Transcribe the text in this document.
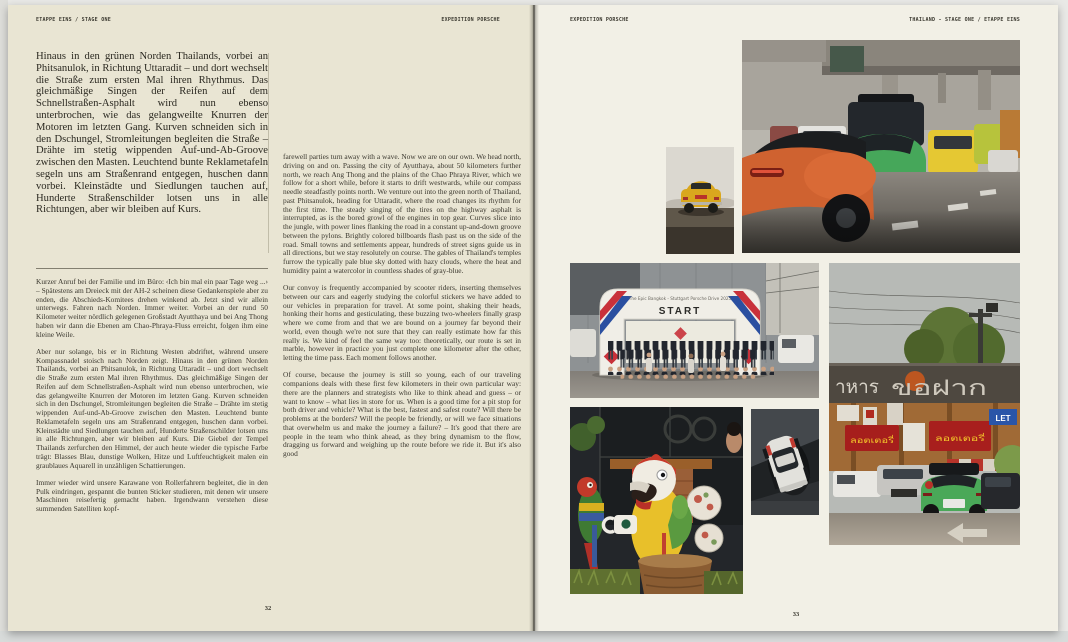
ETAPPE EINS / STAGE ONE	EXPEDITION PORSCHE
Hinaus in den grünen Norden Thailands, vorbei an Phitsanulok, in Richtung Uttaradit – und dort wechselt die Straße zum ersten Mal ihren Rhythmus. Das gleichmäßige Singen der Reifen auf dem Schnellstraßen-Asphalt wird nun ebenso unterbrochen, wie das gelangweilte Knurren der Motoren im letzten Gang. Kurven schneiden sich in den Dschungel, Stromleitungen begleiten die Straße – Drähte im stetig wippenden Auf-und-Ab-Groove zwischen den Masten. Leuchtend bunte Reklametafeln segeln uns am Straßenrand entgegen, huschen dann vorbei. Kleinstädte und Siedlungen tauchen auf, Hunderte Straßenschilder lotsen uns in alle Richtungen, aber wir bleiben auf Kurs.

Kurzer Anruf bei der Familie und im Büro: ‹Ich bin mal ein paar Tage weg ...› – Spätestens am Dreieck mit der AH-2 scheinen diese Gedankenspiele aber zu enden, die Abschieds-Komitees drehen winkend ab. Jetzt sind wir allein unterwegs. Fahren nach Norden. Immer weiter. Vorbei an der rund 50 Kilometer weiter nördlich gelegenen Großstadt Ayutthaya und bei Ang Thong haben wir dann die Ebenen am Chao-Phraya-Fluss erreicht, folgen ihm eine kleine Weile.

Aber nur solange, bis er in Richtung Westen abdriftet, während unsere Kompassnadel stoisch nach Norden zeigt. Hinaus in den grünen Norden Thailands, vorbei an Phitsanulok, in Richtung Uttaradit – und dort wechselt die Straße zum ersten Mal ihren Rhythmus. Das gleichmäßige Singen der Reifen auf dem Schnellstraßen-Asphalt wird nun ebenso unterbrochen, wie das gelangweilte Knurren der Motoren im letzten Gang. Kurven schneiden sich in den Dschungel, Stromleitungen begleiten die Straße – Drähte im stetig wippenden Auf-und-Ab-Groove zwischen den Masten. Leuchtend bunte Reklametafeln segeln uns am Straßenrand entgegen, huschen dann vorbei. Kleinstädte und Siedlungen tauchen auf, Hunderte Straßenschilder lotsen uns in alle Richtungen, aber wir bleiben auf Kurs. Die Giebel der Tempel Thailands zerfurchen den Himmel, der auch heute wieder die typische Farbe trägt: Blasses Blau, dunstige Wolken, Hitze und Luftfeuchtigkeit malen ein graublaues Aquarell in unzähligen Schattierungen.

Immer wieder wird unsere Karawane von Rollerfahrern begleitet, die in den Pulk eindringen, gespannt die bunten Sticker studieren, mit denen wir unsere Maschinen reisefertig gemacht haben. Irgendwann verstehen diese summenden Satelliten kopf-

farewell parties turn away with a wave. Now we are on our own. We head north, driving on and on. Passing the city of Ayutthaya, about 50 kilometers further north, we reach Ang Thong and the plains of the Chao Phraya River, which we follow for a short while, before it starts to drift westwards, while our compass needle steadfastly points north. We venture out into the green north of Thailand, past Phitsanulok, heading for Uttaradit, where the road changes its rhythm for the first time. The steady singing of the tires on the highway asphalt is interrupted, as is the bored growl of the engines in top gear. Curves slice into the jungle, with power lines flanking the road in a constant up-and-down groove between the pylons. Brightly colored billboards flash past us on the side of the road. Small towns and settlements appear, hundreds of street signs guide us in all directions, but we stay resolutely on course. The gables of Thailand's temples furrow the typically pale blue sky dotted with hazy clouds, where the heat and humidity paint a watercolor in countless shades of gray-blue.

Our convoy is frequently accompanied by scooter riders, inserting themselves between our cars and eagerly studying the colorful stickers we have added to our vehicles in preparation for travel. At some point, shaking their heads, honking their horns and gesticulating, these buzzing two-wheelers finally grasp where we come from and that we are bound on a journey far beyond their world, even though we're not sure that they can really estimate how far this really is. We kind of feel the same way too: theoretically, our route is set in marble, however in practice you just complete one kilometer after the other, letting the time pass. Each moment follows another.

Of course, because the journey is still so young, each of our traveling companions deals with these first few kilometers in their own particular way: there are the planners and strategists who like to think ahead and guess – or want to know – what lies in store for us. When is a good time for a pit stop for both driver and vehicle? What is the best, fastest and safest route? Will there be problems at the borders? Will the people be friendly, or will we face situations that overwhelm us and make the journey a failure? – It's good that there are people in the team who think ahead, as they bring dynamism to the flow, dragging us forward and weighing up the route before we ride it. But it's also good

32
EXPEDITION PORSCHE	THAILAND - STAGE ONE / ETAPPE EINS
The Epic Bangkok - Stuttgart Porsche Drive 2025
START
าหาร ขอฝาก
ลอตเตอรี่	ลอตเตอรี่
LET
33
